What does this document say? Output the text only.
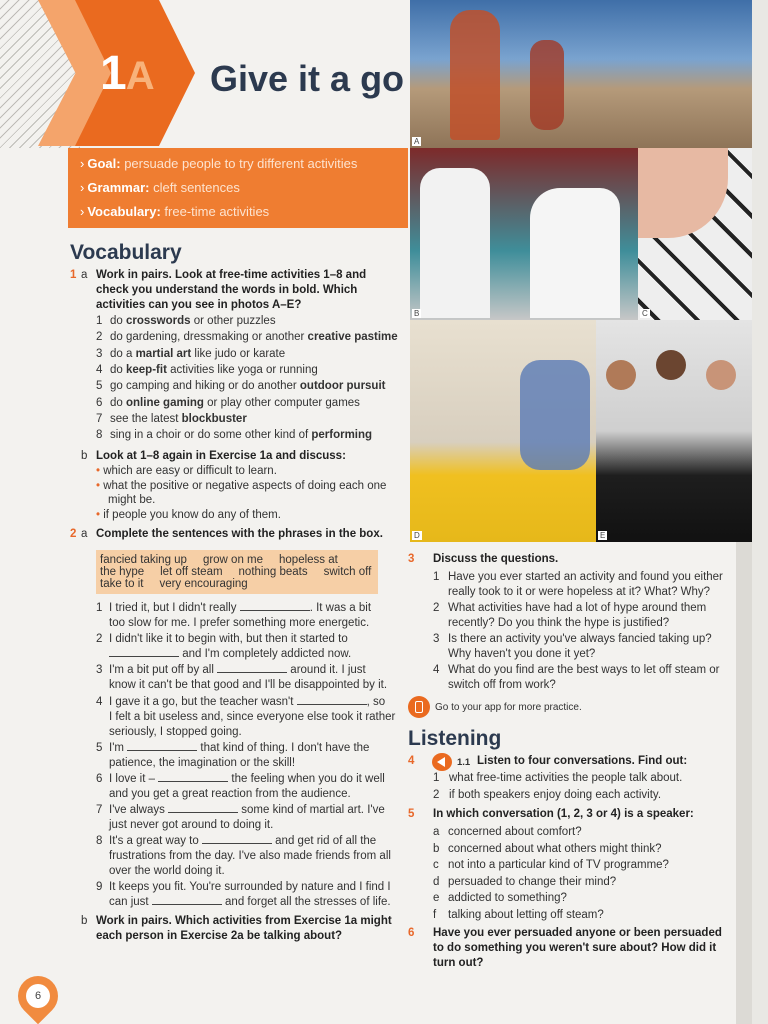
1A Give it a go
› Goal: persuade people to try different activities
› Grammar: cleft sentences
› Vocabulary: free-time activities
A
B	C
D	E
Vocabulary
1 a Work in pairs. Look at free-time activities 1–8 and
check you understand the words in bold. Which
activities can you see in photos A–E?
1 do crosswords or other puzzles
2 do gardening, dressmaking or another creative pastime
3 do a martial art like judo or karate
4 do keep-fit activities like yoga or running
5 go camping and hiking or do another outdoor pursuit
6 do online gaming or play other computer games
7 see the latest blockbuster
8 sing in a choir or do some other kind of performing
b Look at 1–8 again in Exercise 1a and discuss:
• which are easy or difficult to learn.
• what the positive or negative aspects of doing each one
might be.
• if people you know do any of them.
2 a Complete the sentences with the phrases in the box.
fancied taking up grow on me hopeless at
the hype let off steam nothing beats switch off
take to it very encouraging
1 I tried it, but I didn't really	. It was a bit
too slow for me. I prefer something more energetic.
2 I didn't like it to begin with, but then it started to
and I'm completely addicted now.
3 I'm a bit put off by all	around it. I just
know it can't be that good and I'll be disappointed by it.
4 I gave it a go, but the teacher wasn't	, so
I felt a bit useless and, since everyone else took it rather
seriously, I stopped going.
5 I'm	that kind of thing. I don't have the
patience, the imagination or the skill!
6 I love it –	the feeling when you do it well
and you get a great reaction from the audience.
7 I've always	some kind of martial art. I've
just never got around to doing it.
8 It's a great way to	and get rid of all the
frustrations from the day. I've also made friends from all
over the world doing it.
9 It keeps you fit. You're surrounded by nature and I find I
can just	and forget all the stresses of life.
b Work in pairs. Which activities from Exercise 1a might
each person in Exercise 2a be talking about?
3 Discuss the questions.
1 Have you ever started an activity and found you either
really took to it or were hopeless at it? What? Why?
2 What activities have had a lot of hype around them
recently? Do you think the hype is justified?
3 Is there an activity you've always fancied taking up?
Why haven't you done it yet?
4 What do you find are the best ways to let off steam or
switch off from work?
Go to your app for more practice.
Listening
4	1.1 Listen to four conversations. Find out:
1 what free-time activities the people talk about.
2 if both speakers enjoy doing each activity.
5 In which conversation (1, 2, 3 or 4) is a speaker:
a concerned about comfort?
b concerned about what others might think?
c not into a particular kind of TV programme?
d persuaded to change their mind?
e addicted to something?
f talking about letting off steam?
6 Have you ever persuaded anyone or been persuaded
to do something you weren't sure about? How did it
turn out?
6
